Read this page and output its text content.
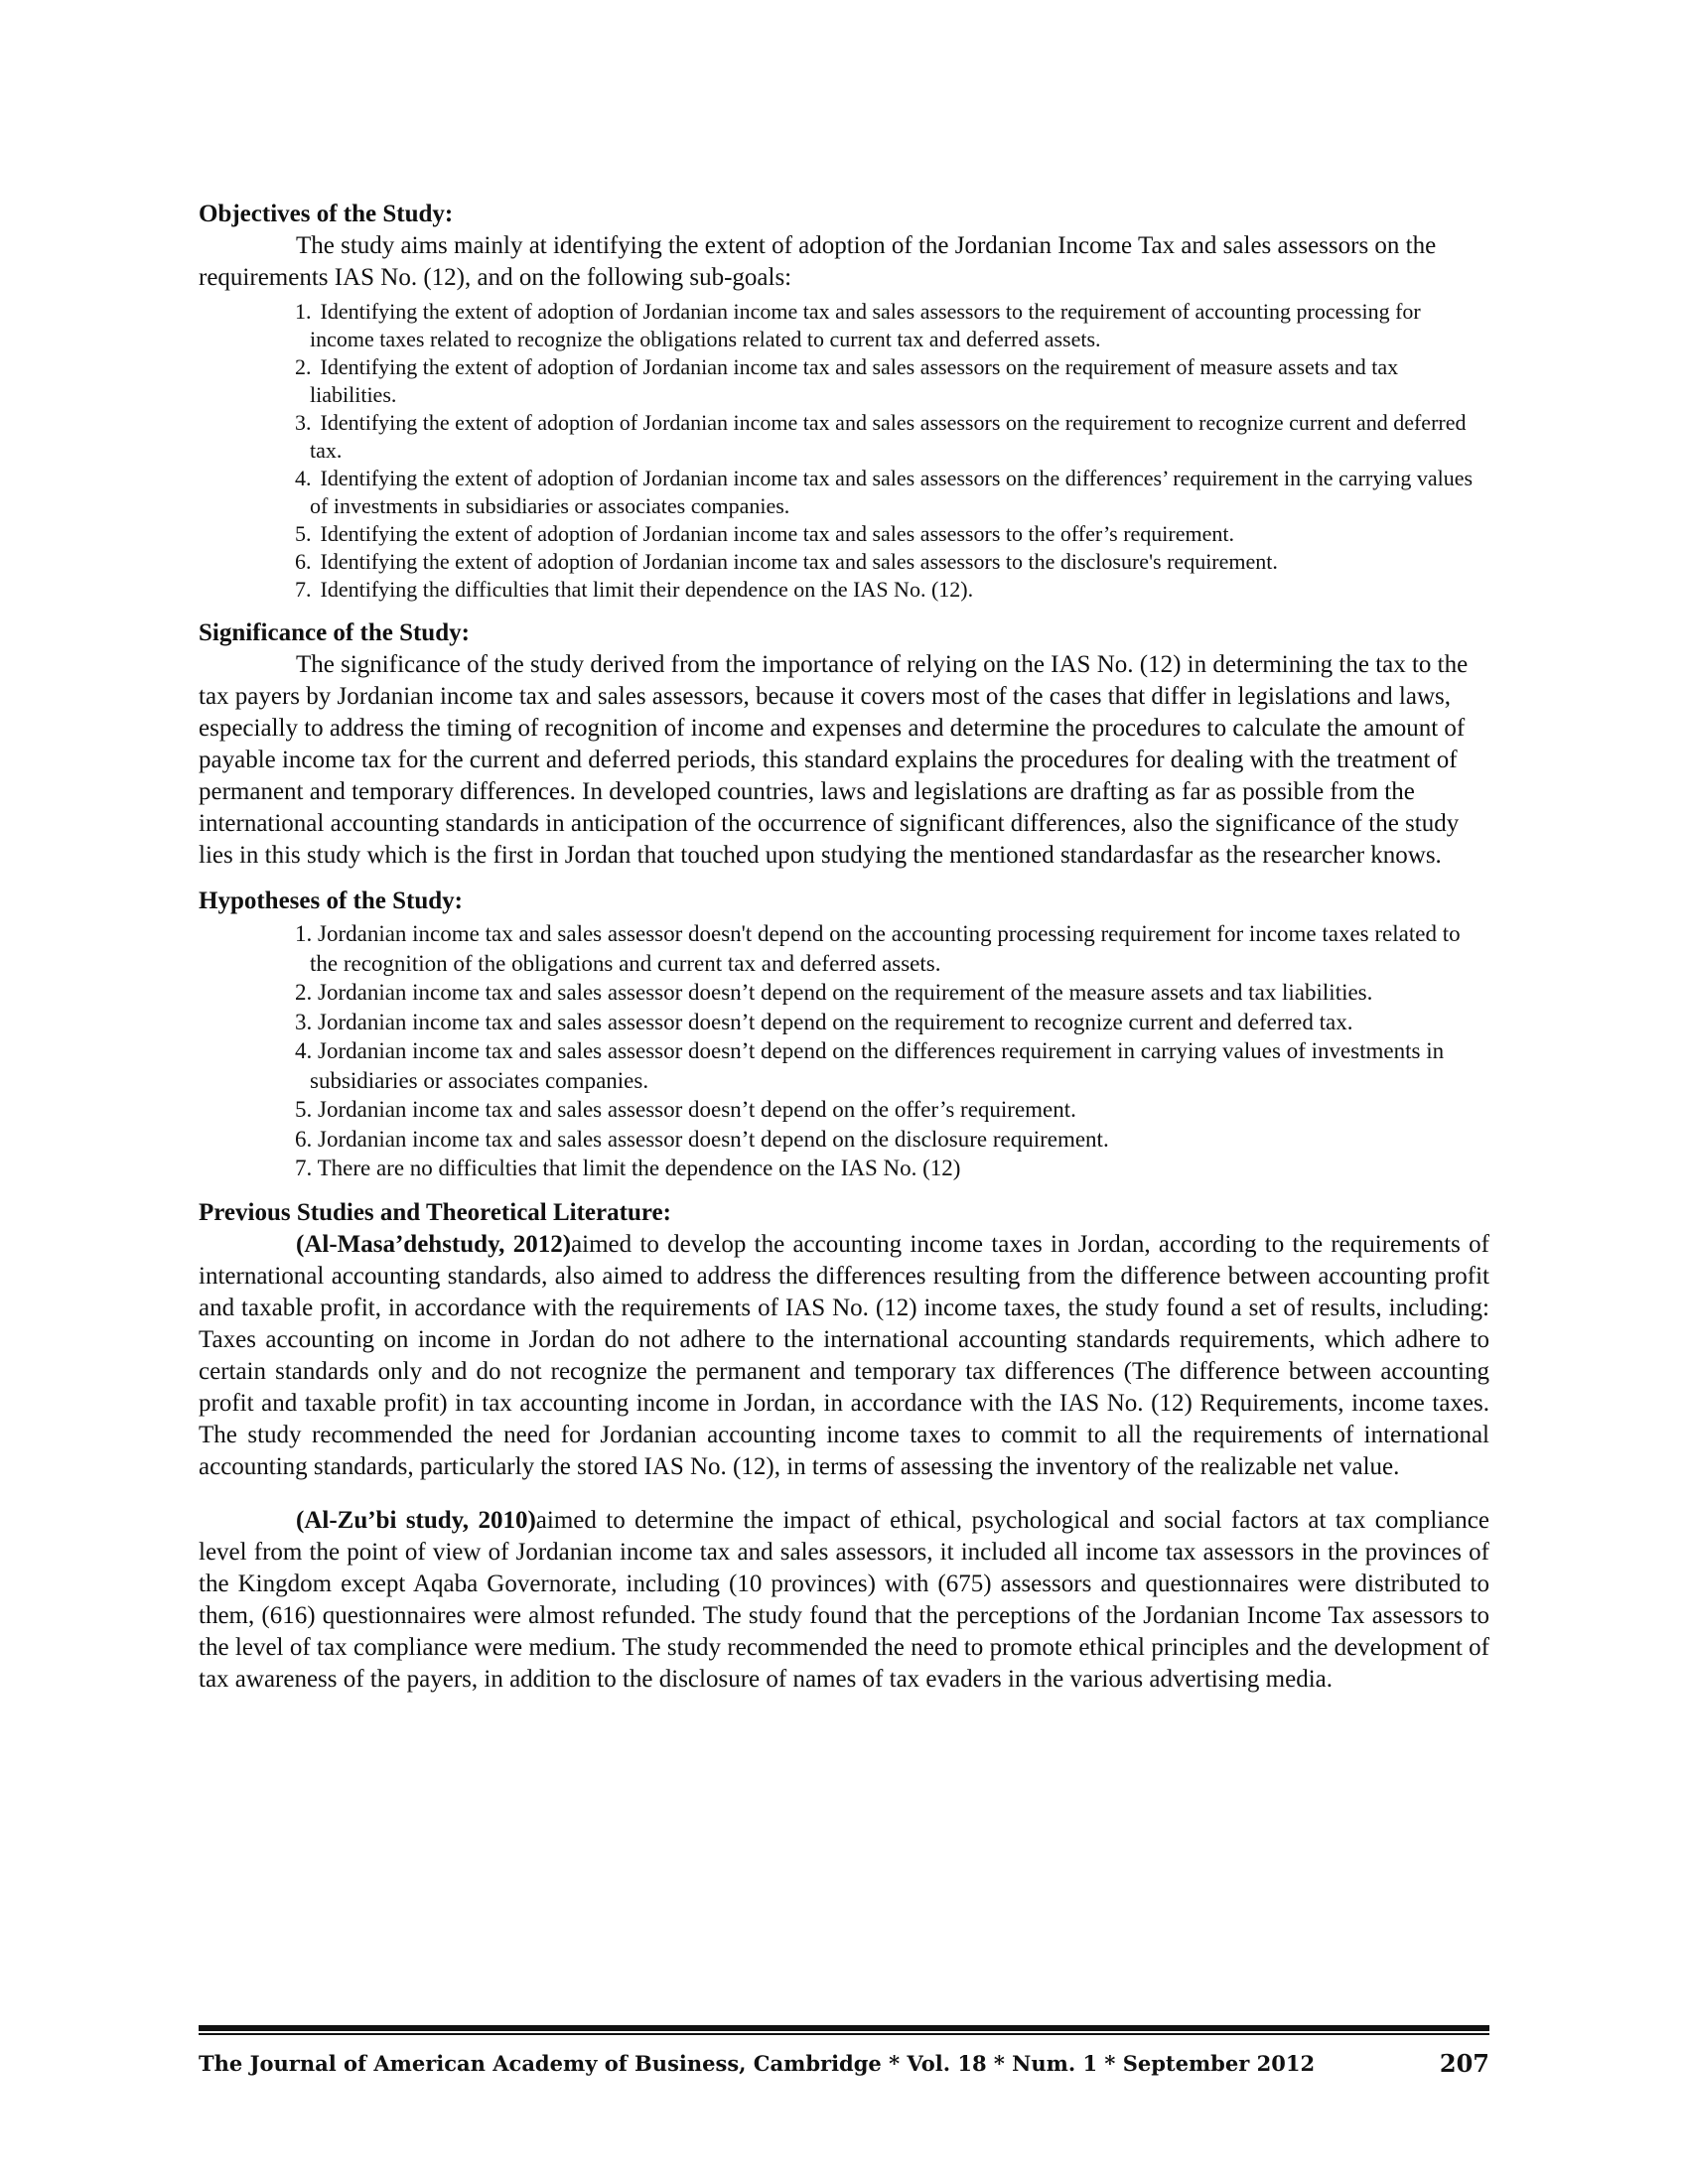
Objectives of the Study:

The study aims mainly at identifying the extent of adoption of the Jordanian Income Tax and sales assessors on the requirements IAS No. (12), and on the following sub-goals:

1. Identifying the extent of adoption of Jordanian income tax and sales assessors to the requirement of accounting processing for income taxes related to recognize the obligations related to current tax and deferred assets.
2. Identifying the extent of adoption of Jordanian income tax and sales assessors on the requirement of measure assets and tax liabilities.
3. Identifying the extent of adoption of Jordanian income tax and sales assessors on the requirement to recognize current and deferred tax.
4. Identifying the extent of adoption of Jordanian income tax and sales assessors on the differences’ requirement in the carrying values of investments in subsidiaries or associates companies.
5. Identifying the extent of adoption of Jordanian income tax and sales assessors to the offer’s requirement.
6. Identifying the extent of adoption of Jordanian income tax and sales assessors to the disclosure's requirement.
7. Identifying the difficulties that limit their dependence on the IAS No. (12).

Significance of the Study:

The significance of the study derived from the importance of relying on the IAS No. (12) in determining the tax to the tax payers by Jordanian income tax and sales assessors, because it covers most of the cases that differ in legislations and laws, especially to address the timing of recognition of income and expenses and determine the procedures to calculate the amount of payable income tax for the current and deferred periods, this standard explains the procedures for dealing with the treatment of permanent and temporary differences. In developed countries, laws and legislations are drafting as far as possible from the international accounting standards in anticipation of the occurrence of significant differences, also the significance of the study lies in this study which is the first in Jordan that touched upon studying the mentioned standardasfar as the researcher knows.

Hypotheses of the Study:

1. Jordanian income tax and sales assessor doesn't depend on the accounting processing requirement for income taxes related to the recognition of the obligations and current tax and deferred assets.
2. Jordanian income tax and sales assessor doesn’t depend on the requirement of the measure assets and tax liabilities.
3. Jordanian income tax and sales assessor doesn’t depend on the requirement to recognize current and deferred tax.
4. Jordanian income tax and sales assessor doesn’t depend on the differences requirement in carrying values of investments in subsidiaries or associates companies.
5. Jordanian income tax and sales assessor doesn’t depend on the offer’s requirement.
6. Jordanian income tax and sales assessor doesn’t depend on the disclosure requirement.
7. There are no difficulties that limit the dependence on the IAS No. (12)

Previous Studies and Theoretical Literature:

(Al-Masa’dehstudy, 2012)aimed to develop the accounting income taxes in Jordan, according to the requirements of international accounting standards, also aimed to address the differences resulting from the difference between accounting profit and taxable profit, in accordance with the requirements of IAS No. (12) income taxes, the study found a set of results, including: Taxes accounting on income in Jordan do not adhere to the international accounting standards requirements, which adhere to certain standards only and do not recognize the permanent and temporary tax differences (The difference between accounting profit and taxable profit) in tax accounting income in Jordan, in accordance with the IAS No. (12) Requirements, income taxes. The study recommended the need for Jordanian accounting income taxes to commit to all the requirements of international accounting standards, particularly the stored IAS No. (12), in terms of assessing the inventory of the realizable net value.

(Al-Zu’bi study, 2010)aimed to determine the impact of ethical, psychological and social factors at tax compliance level from the point of view of Jordanian income tax and sales assessors, it included all income tax assessors in the provinces of the Kingdom except Aqaba Governorate, including (10 provinces) with (675) assessors and questionnaires were distributed to them, (616) questionnaires were almost refunded. The study found that the perceptions of the Jordanian Income Tax assessors to the level of tax compliance were medium. The study recommended the need to promote ethical principles and the development of tax awareness of the payers, in addition to the disclosure of names of tax evaders in the various advertising media.

The Journal of American Academy of Business, Cambridge * Vol. 18 * Num. 1 * September 2012	207
